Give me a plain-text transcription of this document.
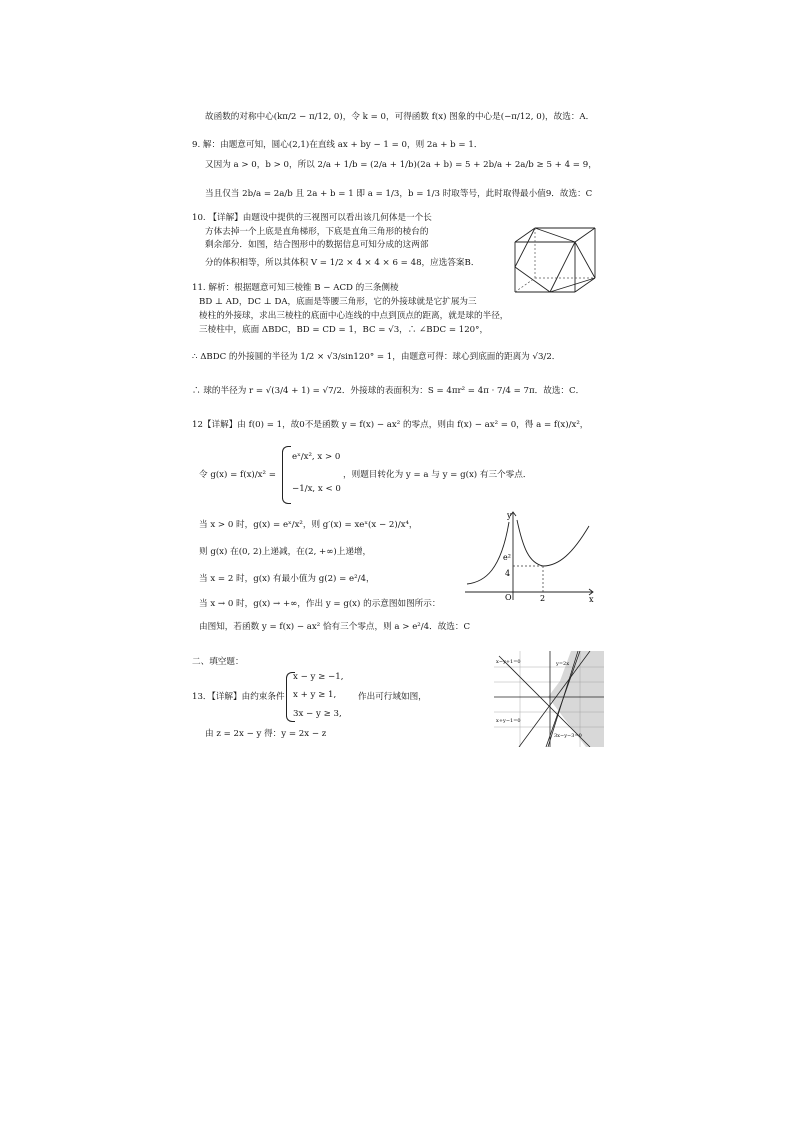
故函数的对称中心(kπ/2 − π/12, 0)，令 k = 0，可得函数 f(x) 图象的中心是(−π/12, 0)，故选：A．
9. 解：由题意可知，圆心(2,1)在直线 ax + by − 1 = 0，则 2a + b = 1．
又因为 a > 0，b > 0，所以 2/a + 1/b = (2/a + 1/b)(2a + b) = 5 + 2b/a + 2a/b ≥ 5 + 4 = 9，
当且仅当 2b/a = 2a/b 且 2a + b = 1 即 a = 1/3，b = 1/3 时取等号，此时取得最小值9．故选：C
10. 【详解】由题设中提供的三视图可以看出该几何体是一个长
方体去掉一个上底是直角梯形，下底是直角三角形的棱台的
剩余部分．如图，结合图形中的数据信息可知分成的这两部
分的体积相等，所以其体积 V = 1/2 × 4 × 4 × 6 = 48，应选答案B．
11. 解析：根据题意可知三棱锥 B − ACD 的三条侧棱
BD ⊥ AD，DC ⊥ DA，底面是等腰三角形，它的外接球就是它扩展为三
棱柱的外接球，求出三棱柱的底面中心连线的中点到顶点的距离，就是球的半径，
三棱柱中，底面 ΔBDC，BD = CD = 1，BC = √3，∴ ∠BDC = 120°，
∴ ΔBDC 的外接圆的半径为 1/2 × √3/sin120° = 1，由题意可得：球心到底面的距离为 √3/2．
∴ 球的半径为 r = √(3/4 + 1) = √7/2．外接球的表面积为：S = 4πr² = 4π · 7/4 = 7π．故选：C．
12【详解】由 f(0) = 1，故0不是函数 y = f(x) − ax² 的零点，则由 f(x) − ax² = 0，得 a = f(x)/x²，
令 g(x) = f(x)/x² =
eˣ/x², x > 0
−1/x, x < 0
，则题目转化为 y = a 与 y = g(x) 有三个零点．
当 x > 0 时，g(x) = eˣ/x²，则 g′(x) = xeˣ(x − 2)/x⁴，
则 g(x) 在(0, 2)上递减，在(2, +∞)上递增，
当 x = 2 时，g(x) 有最小值为 g(2) = e²/4，
当 x → 0 时，g(x) → +∞，作出 y = g(x) 的示意图如图所示：
由图知，若函数 y = f(x) − ax² 恰有三个零点，则 a > e²/4．故选：C
y
x
O	2
4
e²
二、填空题：
13．【详解】由约束条件
x − y ≥ −1,
x + y ≥ 1,
3x − y ≥ 3,
作出可行域如图，
由 z = 2x − y 得：y = 2x − z
x−y+1=0	y=2x
x+y−1=0
3x−y−3=0
